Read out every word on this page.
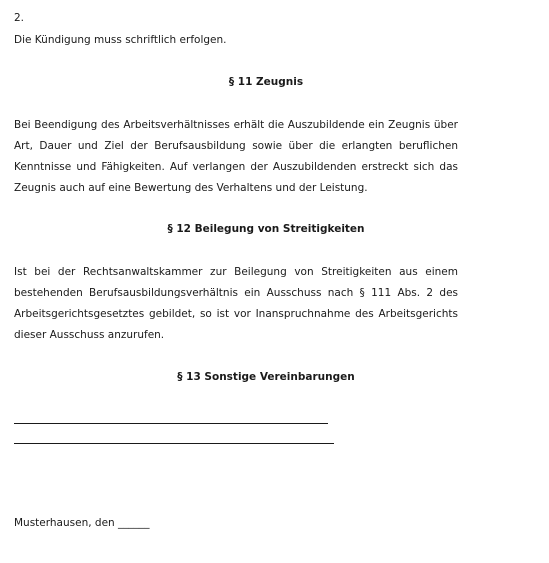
2.
Die Kündigung muss schriftlich erfolgen.
§ 11 Zeugnis
Bei Beendigung des Arbeitsverhältnisses erhält die Auszubildende ein Zeugnis über Art, Dauer und Ziel der Berufsausbildung sowie über die erlangten beruflichen Kenntnisse und Fähigkeiten. Auf verlangen der Auszubildenden erstreckt sich das Zeugnis auch auf eine Bewertung des Verhaltens und der Leistung.
§ 12 Beilegung von Streitigkeiten
Ist bei der Rechtsanwaltskammer zur Beilegung von Streitigkeiten aus einem bestehenden Berufsausbildungsverhältnis ein Ausschuss nach § 111 Abs. 2 des Arbeitsgerichtsgesetztes gebildet, so ist vor Inanspruchnahme des Arbeitsgerichts dieser Ausschuss anzurufen.
§ 13 Sonstige Vereinbarungen
Musterhausen, den ______
